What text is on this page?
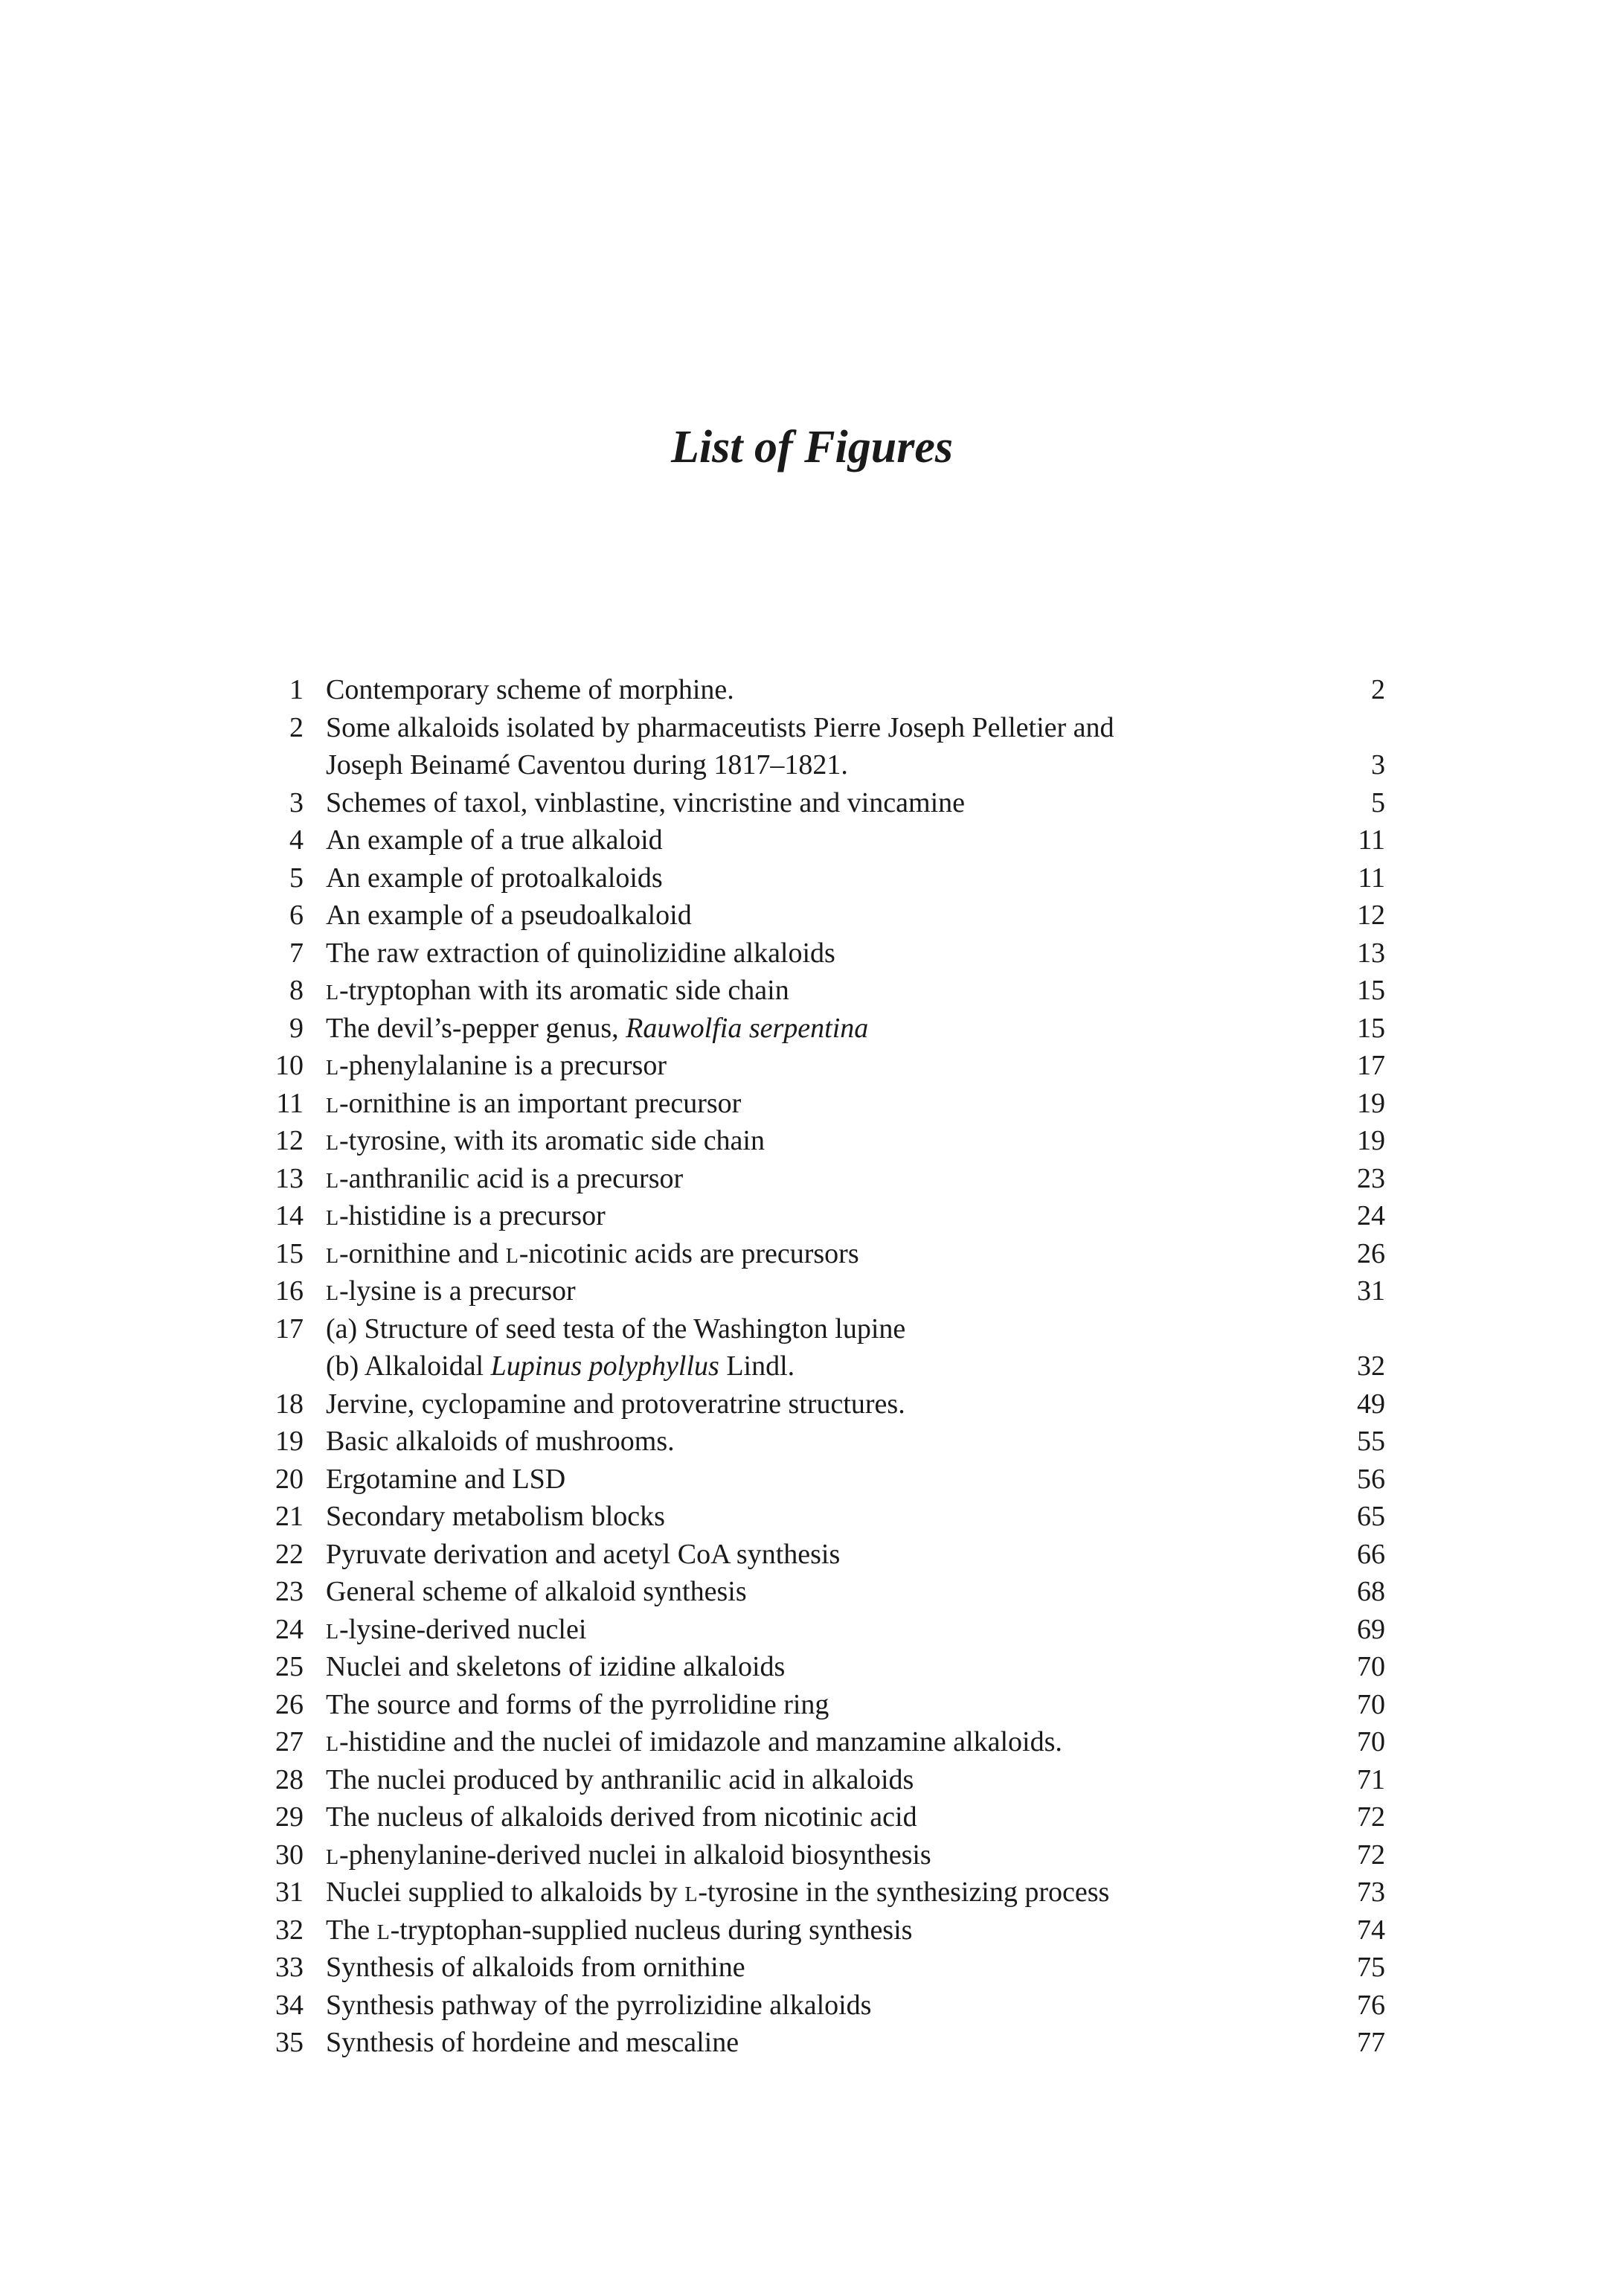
List of Figures
1 Contemporary scheme of morphine.	2
2 Some alkaloids isolated by pharmaceutists Pierre Joseph Pelletier and
Joseph Beinamé Caventou during 1817–1821.	3
3 Schemes of taxol, vinblastine, vincristine and vincamine	5
4 An example of a true alkaloid	11
5 An example of protoalkaloids	11
6 An example of a pseudoalkaloid	12
7 The raw extraction of quinolizidine alkaloids	13
8 L-tryptophan with its aromatic side chain	15
9 The devil’s-pepper genus, Rauwolfia serpentina	15
10 L-phenylalanine is a precursor	17
11 L-ornithine is an important precursor	19
12 L-tyrosine, with its aromatic side chain	19
13 L-anthranilic acid is a precursor	23
14 L-histidine is a precursor	24
15 L-ornithine and L-nicotinic acids are precursors	26
16 L-lysine is a precursor	31
17 (a) Structure of seed testa of the Washington lupine
(b) Alkaloidal Lupinus polyphyllus Lindl.	32
18 Jervine, cyclopamine and protoveratrine structures.	49
19 Basic alkaloids of mushrooms.	55
20 Ergotamine and LSD	56
21 Secondary metabolism blocks	65
22 Pyruvate derivation and acetyl CoA synthesis	66
23 General scheme of alkaloid synthesis	68
24 L-lysine-derived nuclei	69
25 Nuclei and skeletons of izidine alkaloids	70
26 The source and forms of the pyrrolidine ring	70
27 L-histidine and the nuclei of imidazole and manzamine alkaloids.	70
28 The nuclei produced by anthranilic acid in alkaloids	71
29 The nucleus of alkaloids derived from nicotinic acid	72
30 L-phenylanine-derived nuclei in alkaloid biosynthesis	72
31 Nuclei supplied to alkaloids by L-tyrosine in the synthesizing process	73
32 The L-tryptophan-supplied nucleus during synthesis	74
33 Synthesis of alkaloids from ornithine	75
34 Synthesis pathway of the pyrrolizidine alkaloids	76
35 Synthesis of hordeine and mescaline	77
